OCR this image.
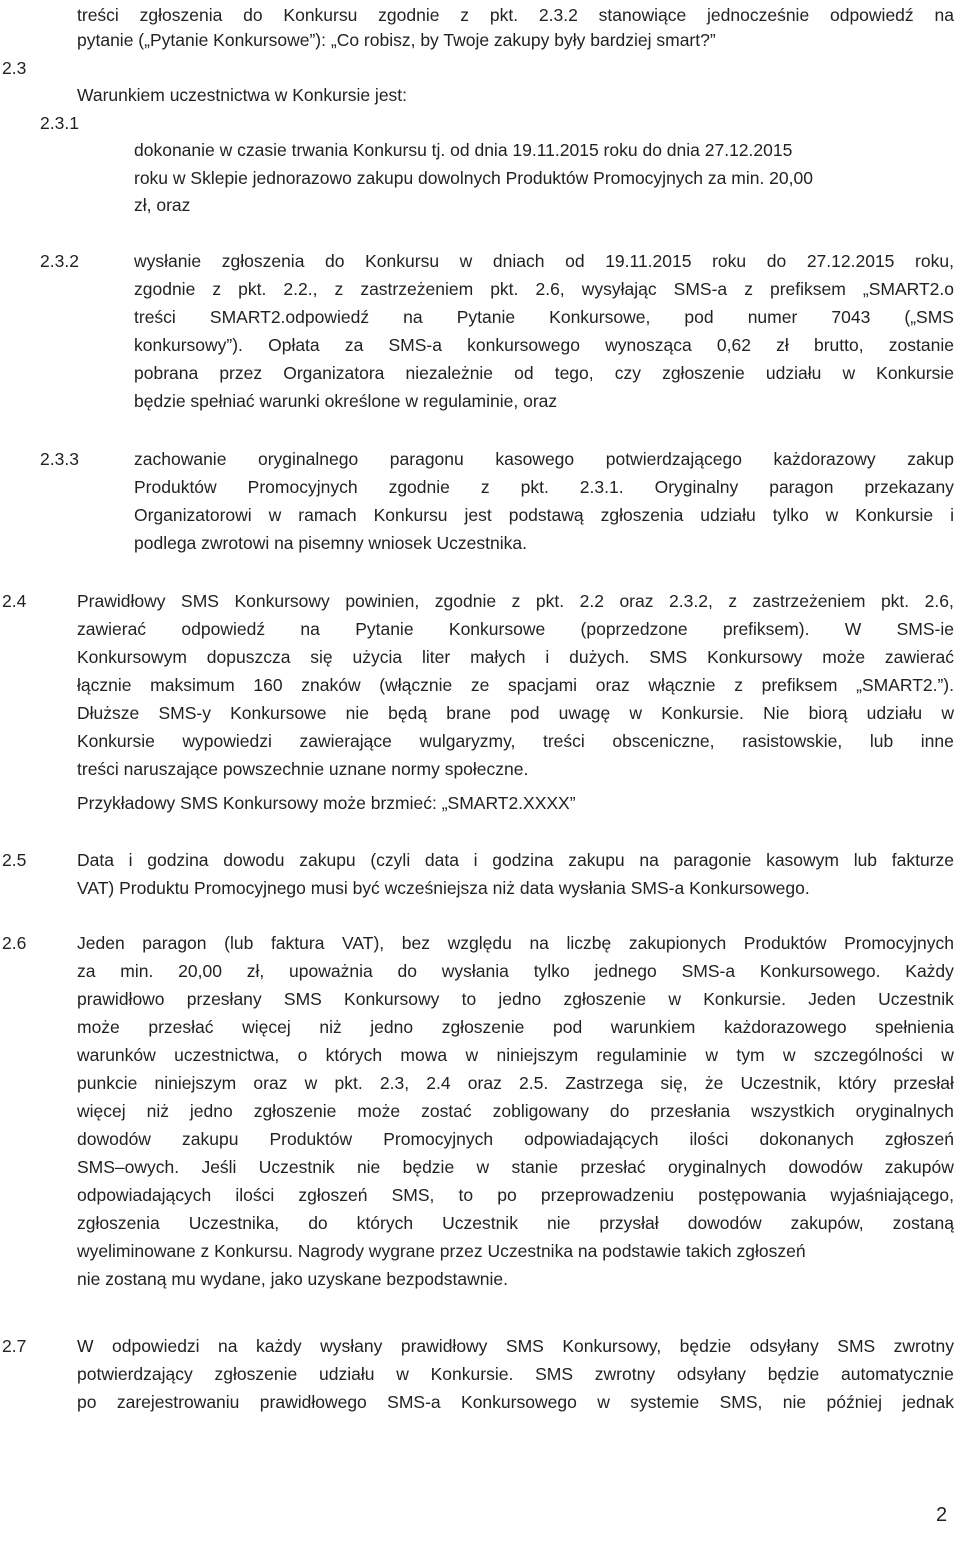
2.3
2.3.1
2.3.2
2.3.3
2.4
2.5
2.6
2.7
treści zgłoszenia do Konkursu zgodnie z pkt. 2.3.2 stanowiące jednocześnie odpowiedź na
pytanie („Pytanie Konkursowe”): „Co robisz, by Twoje zakupy były bardziej smart?”
Warunkiem uczestnictwa w Konkursie jest:
dokonanie w czasie trwania Konkursu tj. od dnia 19.11.2015 roku do dnia 27.12.2015
roku w Sklepie jednorazowo zakupu dowolnych Produktów Promocyjnych za min. 20,00
zł, oraz
wysłanie zgłoszenia do Konkursu w dniach od 19.11.2015 roku do 27.12.2015 roku,
zgodnie z pkt. 2.2., z zastrzeżeniem pkt. 2.6, wysyłając SMS-a z prefiksem „SMART2.o
treści SMART2.odpowiedź na Pytanie Konkursowe, pod numer 7043 („SMS
konkursowy”). Opłata za SMS-a konkursowego wynosząca 0,62 zł brutto, zostanie
pobrana przez Organizatora niezależnie od tego, czy zgłoszenie udziału w Konkursie
będzie spełniać warunki określone w regulaminie, oraz
zachowanie oryginalnego paragonu kasowego potwierdzającego każdorazowy zakup
Produktów Promocyjnych zgodnie z pkt. 2.3.1. Oryginalny paragon przekazany
Organizatorowi w ramach Konkursu jest podstawą zgłoszenia udziału tylko w Konkursie i
podlega zwrotowi na pisemny wniosek Uczestnika.
Prawidłowy SMS Konkursowy powinien, zgodnie z pkt. 2.2 oraz 2.3.2, z zastrzeżeniem pkt. 2.6,
zawierać odpowiedź na Pytanie Konkursowe (poprzedzone prefiksem). W SMS-ie
Konkursowym dopuszcza się użycia liter małych i dużych. SMS Konkursowy może zawierać
łącznie maksimum 160 znaków (włącznie ze spacjami oraz włącznie z prefiksem „SMART2.”).
Dłuższe SMS-y Konkursowe nie będą brane pod uwagę w Konkursie. Nie biorą udziału w
Konkursie wypowiedzi zawierające wulgaryzmy, treści obsceniczne, rasistowskie, lub inne
treści naruszające powszechnie uznane normy społeczne.
Przykładowy SMS Konkursowy może brzmieć: „SMART2.XXXX”
Data i godzina dowodu zakupu (czyli data i godzina zakupu na paragonie kasowym lub fakturze
VAT) Produktu Promocyjnego musi być wcześniejsza niż data wysłania SMS-a Konkursowego.
Jeden paragon (lub faktura VAT), bez względu na liczbę zakupionych Produktów Promocyjnych
za min. 20,00 zł, upoważnia do wysłania tylko jednego SMS-a Konkursowego. Każdy
prawidłowo przesłany SMS Konkursowy to jedno zgłoszenie w Konkursie. Jeden Uczestnik
może przesłać więcej niż jedno zgłoszenie pod warunkiem każdorazowego spełnienia
warunków uczestnictwa, o których mowa w niniejszym regulaminie w tym w szczególności w
punkcie niniejszym oraz w pkt. 2.3, 2.4 oraz 2.5. Zastrzega się, że Uczestnik, który przesłał
więcej niż jedno zgłoszenie może zostać zobligowany do przesłania wszystkich oryginalnych
dowodów zakupu Produktów Promocyjnych odpowiadających ilości dokonanych zgłoszeń
SMS–owych. Jeśli Uczestnik nie będzie w stanie przesłać oryginalnych dowodów zakupów
odpowiadających ilości zgłoszeń SMS, to po przeprowadzeniu postępowania wyjaśniającego,
zgłoszenia Uczestnika, do których Uczestnik nie przysłał dowodów zakupów, zostaną
wyeliminowane z Konkursu. Nagrody wygrane przez Uczestnika na podstawie takich zgłoszeń
nie zostaną mu wydane, jako uzyskane bezpodstawnie.
W odpowiedzi na każdy wysłany prawidłowy SMS Konkursowy, będzie odsyłany SMS zwrotny
potwierdzający zgłoszenie udziału w Konkursie. SMS zwrotny odsyłany będzie automatycznie
po zarejestrowaniu prawidłowego SMS-a Konkursowego w systemie SMS, nie później jednak
2
